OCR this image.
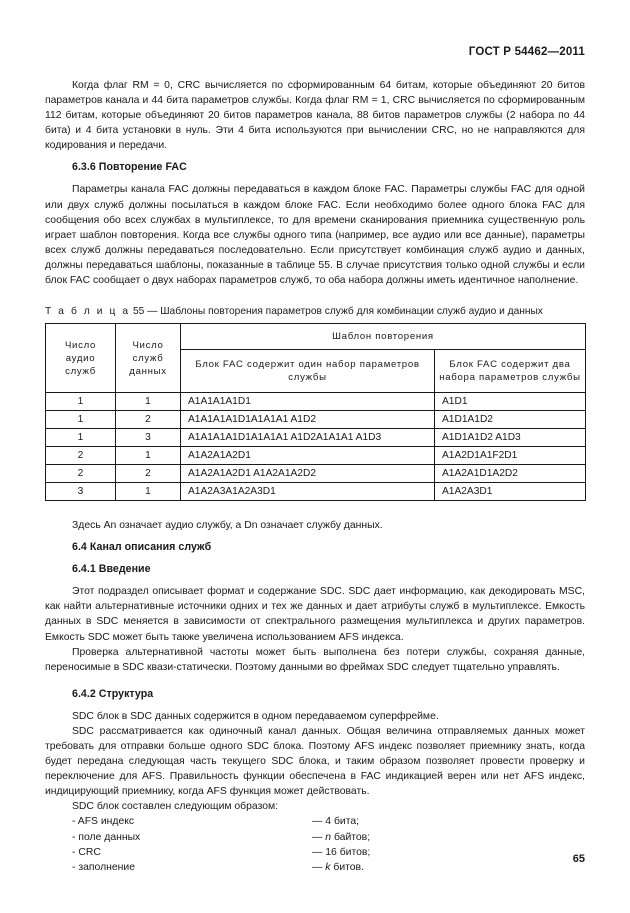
ГОСТ Р 54462—2011

Когда флаг RM = 0, CRC вычисляется по сформированным 64 битам, которые объединяют 20 битов параметров канала и 44 бита параметров службы. Когда флаг RM = 1, CRC вычисляется по сформированным 112 битам, которые объединяют 20 битов параметров канала, 88 битов параметров службы (2 набора по 44 бита) и 4 бита установки в нуль. Эти 4 бита используются при вычислении CRC, но не направляются для кодирования и передачи.

6.3.6 Повторение FAC

Параметры канала FAC должны передаваться в каждом блоке FAC. Параметры службы FAC для одной или двух служб должны посылаться в каждом блоке FAC. Если необходимо более одного блока FAC для сообщения обо всех службах в мультиплексе, то для времени сканирования приемника существенную роль играет шаблон повторения. Когда все службы одного типа (например, все аудио или все данные), параметры всех служб должны передаваться последовательно. Если присутствует комбинация служб аудио и данных, должны передаваться шаблоны, показанные в таблице 55. В случае присутствия только одной службы и если блок FAC сообщает о двух наборах параметров служб, то оба набора должны иметь идентичное наполнение.

Т а б л и ц а 55 — Шаблоны повторения параметров служб для комбинации служб аудио и данных

Число аудио служб	Число служб данных	Шаблон повторения	
		Блок FAC содержит один набор параметров службы	Блок FAC содержит два набора параметров службы
1	1	A1A1A1A1D1	A1D1
1	2	A1A1A1A1D1A1A1A1 A1D2	A1D1A1D2
1	3	A1A1A1A1D1A1A1A1 A1D2A1A1A1 A1D3	A1D1A1D2 A1D3
2	1	A1A2A1A2D1	A1A2D1A1F2D1
2	2	A1A2A1A2D1 A1A2A1A2D2	A1A2A1D1A2D2
3	1	A1A2A3A1A2A3D1	A1A2A3D1

Здесь An означает аудио службу, a Dn означает службу данных.

6.4 Канал описания служб
6.4.1 Введение

Этот подраздел описывает формат и содержание SDC. SDC дает информацию, как декодировать MSC, как найти альтернативные источники одних и тех же данных и дает атрибуты служб в мультиплексе. Емкость данных в SDC меняется в зависимости от спектрального размещения мультиплекса и других параметров. Емкость SDC может быть также увеличена использованием AFS индекса.

Проверка альтернативной частоты может быть выполнена без потери службы, сохраняя данные, переносимые в SDC квази-статически. Поэтому данными во фреймах SDC следует тщательно управлять.

6.4.2 Структура

SDC блок в SDC данных содержится в одном передаваемом суперфрейме.

SDC рассматривается как одиночный канал данных. Общая величина отправляемых данных может требовать для отправки больше одного SDC блока. Поэтому AFS индекс позволяет приемнику знать, когда будет передана следующая часть текущего SDC блока, и таким образом позволяет провести проверку и переключение для AFS. Правильность функции обеспечена в FAC индикацией верен или нет AFS индекс, индицирующий приемнику, когда AFS функция может действовать.

SDC блок составлен следующим образом:

- AFS индекс	— 4 бита;
- поле данных	— n байтов;
- CRC	— 16 битов;
- заполнение	— k битов.
65
